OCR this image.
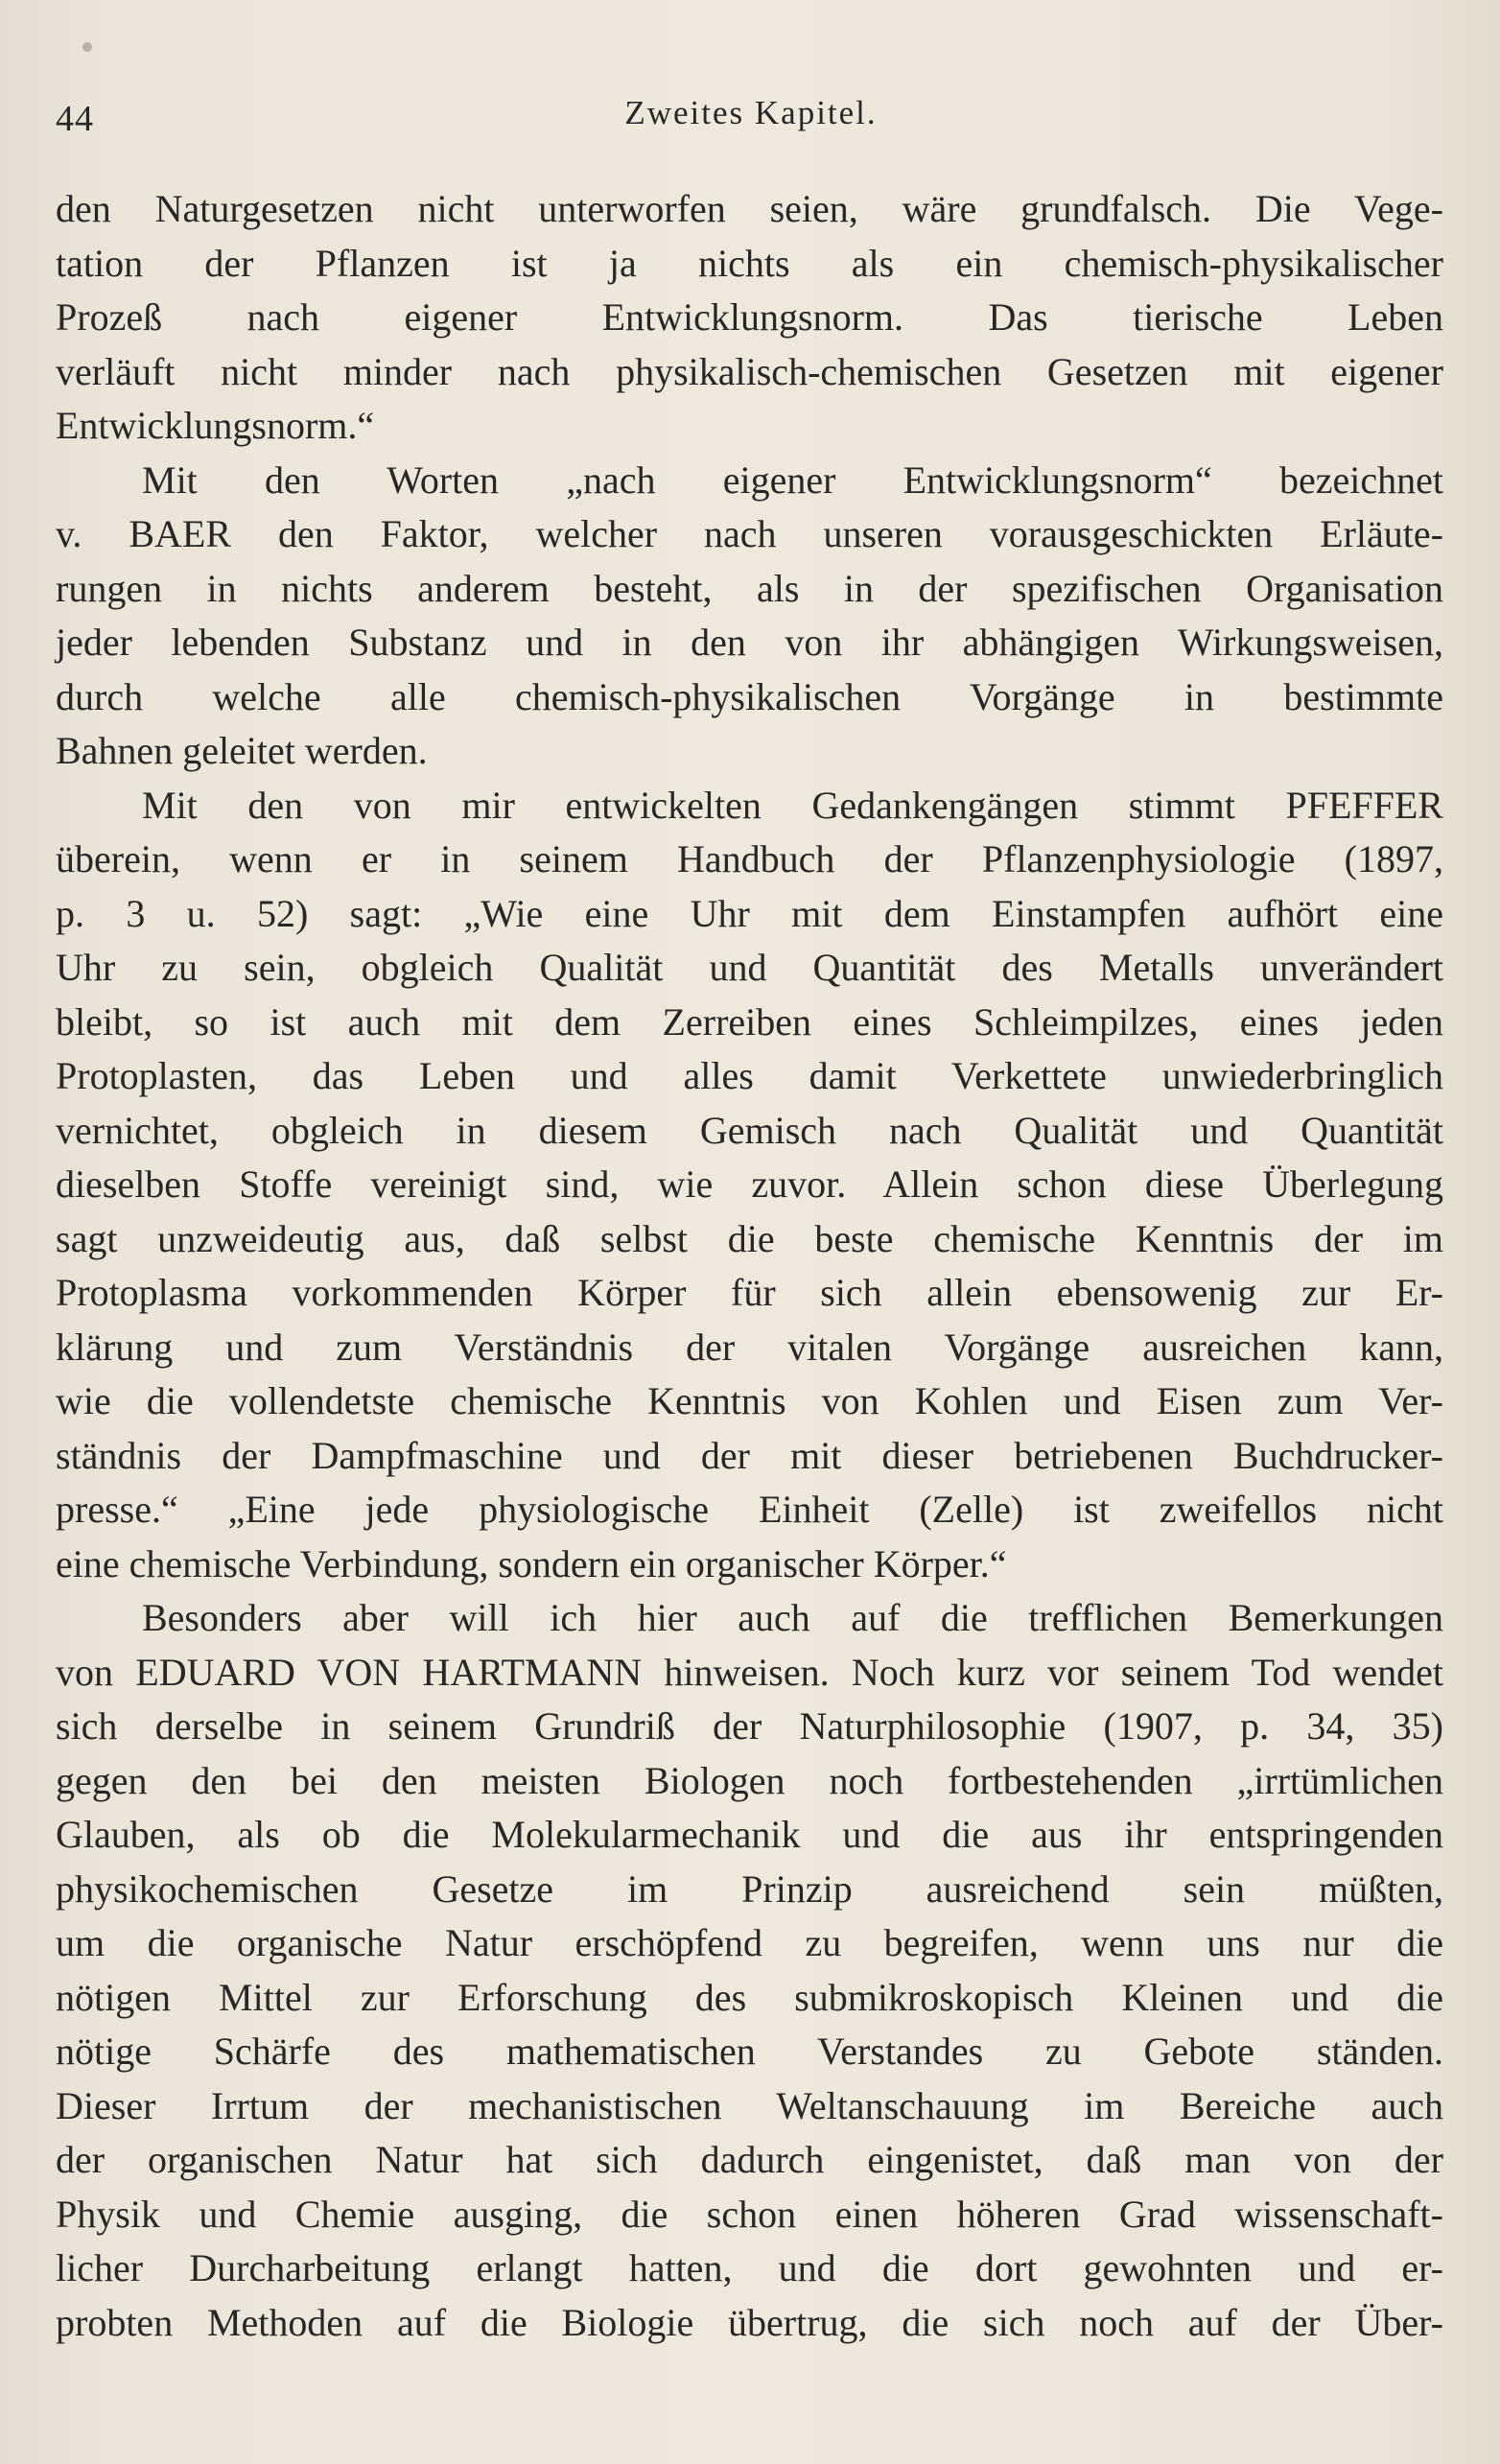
44	Zweites Kapitel.
den Naturgesetzen nicht unterworfen seien, wäre grundfalsch. Die Vege-
tation der Pflanzen ist ja nichts als ein chemisch-physikalischer
Prozeß nach eigener Entwicklungsnorm. Das tierische Leben
verläuft nicht minder nach physikalisch-chemischen Gesetzen mit eigener
Entwicklungsnorm.“
Mit den Worten „nach eigener Entwicklungsnorm“ bezeichnet
v. BAER den Faktor, welcher nach unseren vorausgeschickten Erläute-
rungen in nichts anderem besteht, als in der spezifischen Organisation
jeder lebenden Substanz und in den von ihr abhängigen Wirkungsweisen,
durch welche alle chemisch-physikalischen Vorgänge in bestimmte
Bahnen geleitet werden.
Mit den von mir entwickelten Gedankengängen stimmt PFEFFER
überein, wenn er in seinem Handbuch der Pflanzenphysiologie (1897,
p. 3 u. 52) sagt: „Wie eine Uhr mit dem Einstampfen aufhört eine
Uhr zu sein, obgleich Qualität und Quantität des Metalls unverändert
bleibt, so ist auch mit dem Zerreiben eines Schleimpilzes, eines jeden
Protoplasten, das Leben und alles damit Verkettete unwiederbringlich
vernichtet, obgleich in diesem Gemisch nach Qualität und Quantität
dieselben Stoffe vereinigt sind, wie zuvor. Allein schon diese Überlegung
sagt unzweideutig aus, daß selbst die beste chemische Kenntnis der im
Protoplasma vorkommenden Körper für sich allein ebensowenig zur Er-
klärung und zum Verständnis der vitalen Vorgänge ausreichen kann,
wie die vollendetste chemische Kenntnis von Kohlen und Eisen zum Ver-
ständnis der Dampfmaschine und der mit dieser betriebenen Buchdrucker-
presse.“ „Eine jede physiologische Einheit (Zelle) ist zweifellos nicht
eine chemische Verbindung, sondern ein organischer Körper.“
Besonders aber will ich hier auch auf die trefflichen Bemerkungen
von EDUARD VON HARTMANN hinweisen. Noch kurz vor seinem Tod wendet
sich derselbe in seinem Grundriß der Naturphilosophie (1907, p. 34, 35)
gegen den bei den meisten Biologen noch fortbestehenden „irrtümlichen
Glauben, als ob die Molekularmechanik und die aus ihr entspringenden
physikochemischen Gesetze im Prinzip ausreichend sein müßten,
um die organische Natur erschöpfend zu begreifen, wenn uns nur die
nötigen Mittel zur Erforschung des submikroskopisch Kleinen und die
nötige Schärfe des mathematischen Verstandes zu Gebote ständen.
Dieser Irrtum der mechanistischen Weltanschauung im Bereiche auch
der organischen Natur hat sich dadurch eingenistet, daß man von der
Physik und Chemie ausging, die schon einen höheren Grad wissenschaft-
licher Durcharbeitung erlangt hatten, und die dort gewohnten und er-
probten Methoden auf die Biologie übertrug, die sich noch auf der Über-
